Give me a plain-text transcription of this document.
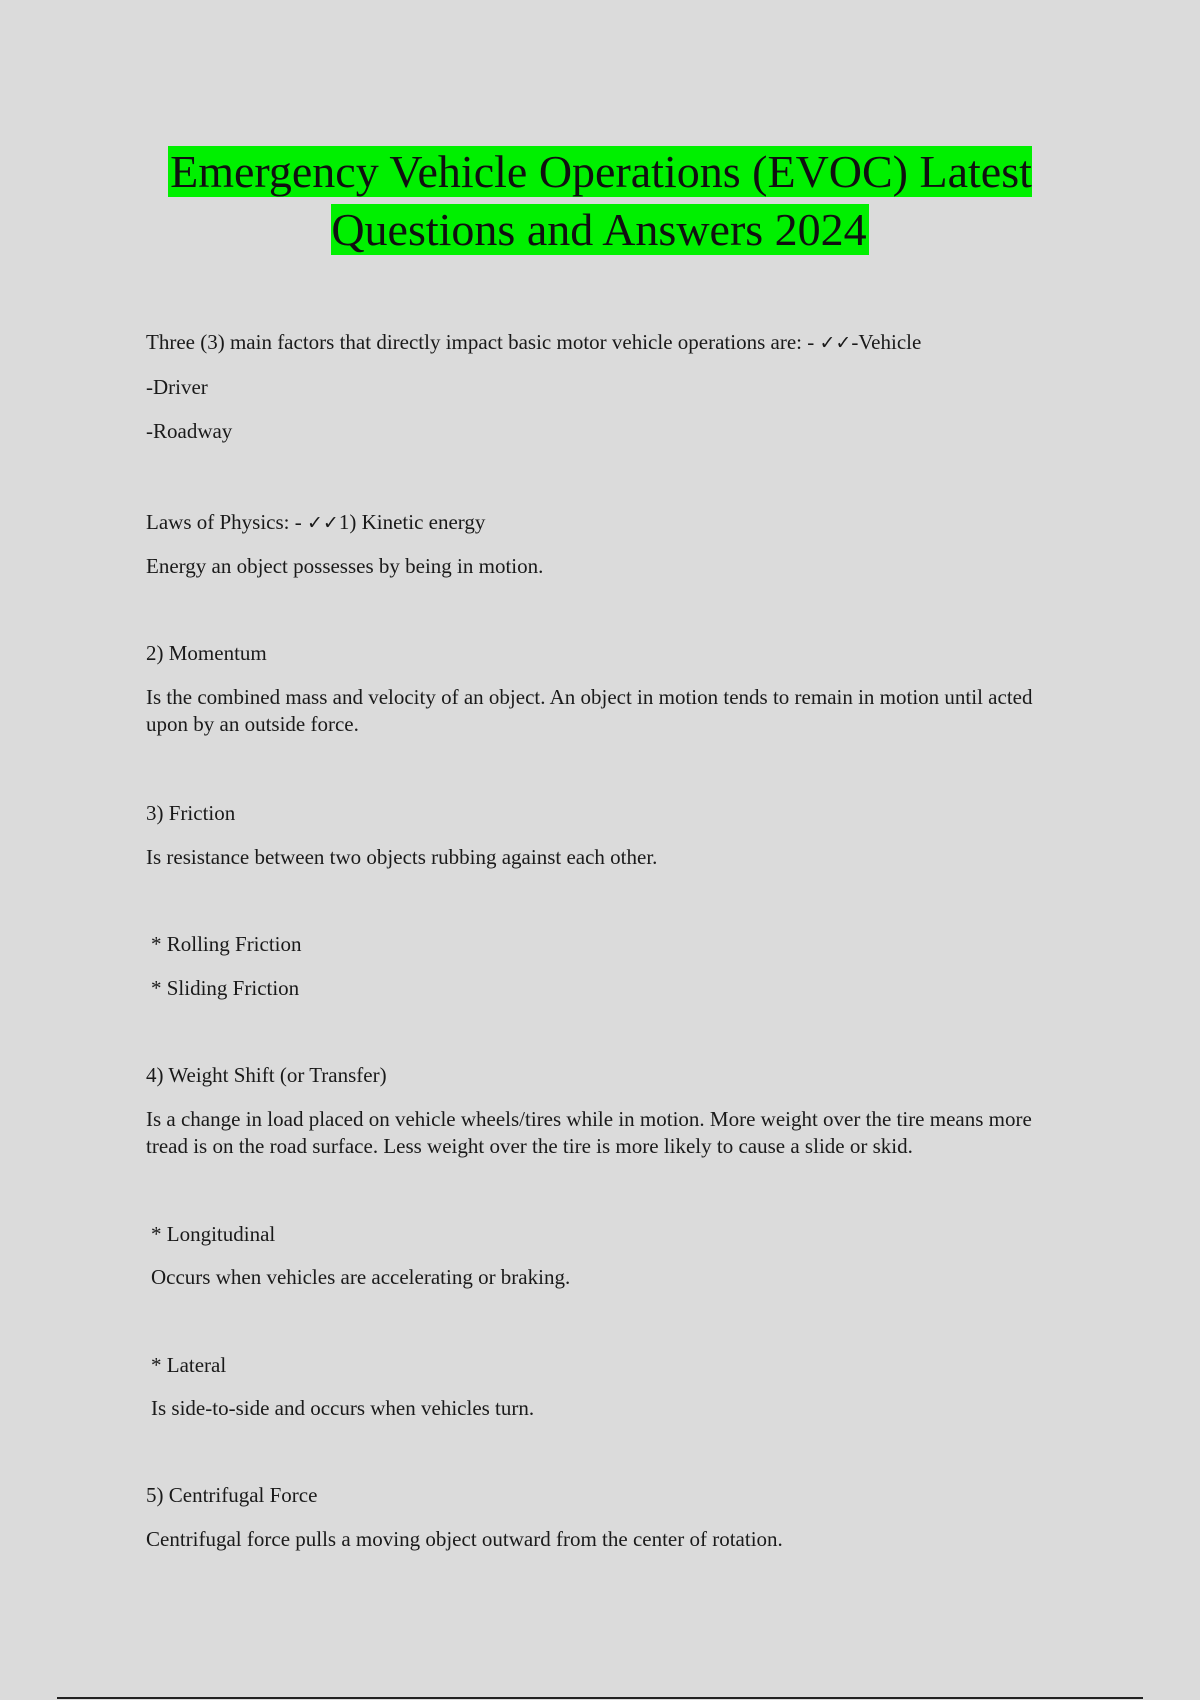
Emergency Vehicle Operations (EVOC) Latest Questions and Answers 2024
Three (3) main factors that directly impact basic motor vehicle operations are: - ✓✓-Vehicle
-Driver
-Roadway
Laws of Physics: - ✓✓1) Kinetic energy
Energy an object possesses by being in motion.
2) Momentum
Is the combined mass and velocity of an object. An object in motion tends to remain in motion until acted upon by an outside force.
3) Friction
Is resistance between two objects rubbing against each other.
* Rolling Friction
* Sliding Friction
4) Weight Shift (or Transfer)
Is a change in load placed on vehicle wheels/tires while in motion. More weight over the tire means more tread is on the road surface. Less weight over the tire is more likely to cause a slide or skid.
* Longitudinal
Occurs when vehicles are accelerating or braking.
* Lateral
Is side-to-side and occurs when vehicles turn.
5) Centrifugal Force
Centrifugal force pulls a moving object outward from the center of rotation.
